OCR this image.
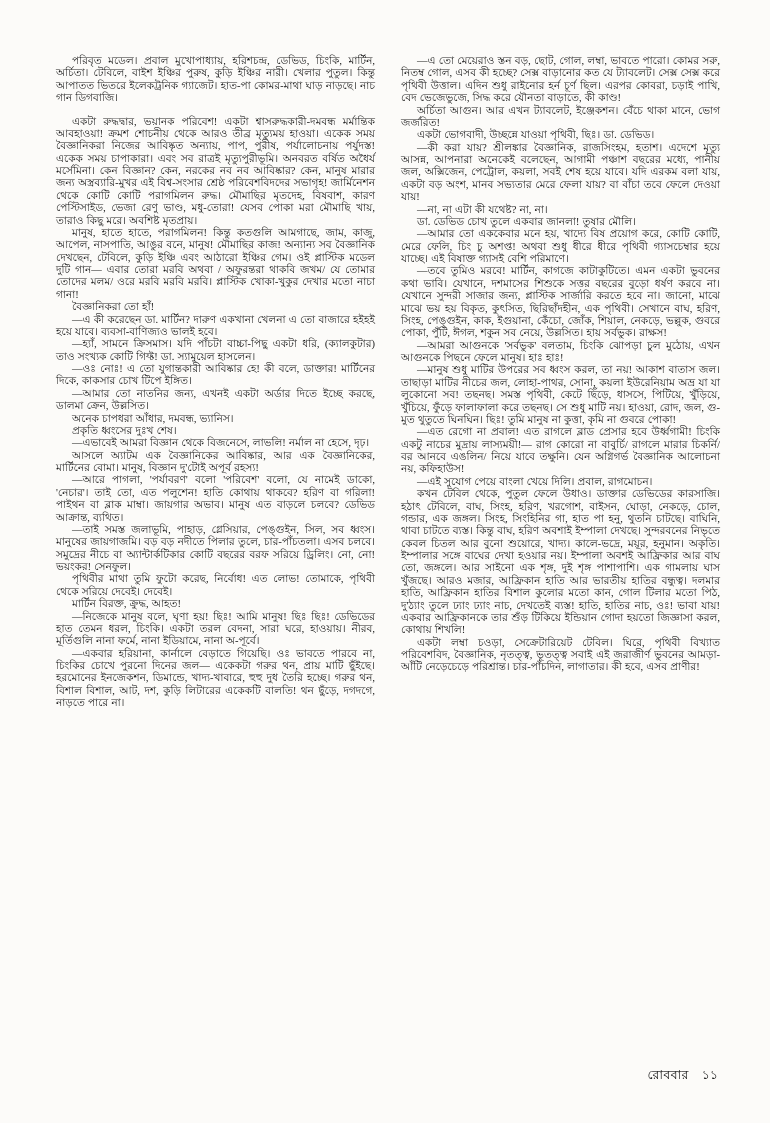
পরিবৃত মডেল। প্রবাল মুখোপাধ্যায়, হরিশচন্দ্র, ডেভিড, চিংকি, মার্টিন, অর্চিতা। টেবিলে, বাইশ ইঞ্চির পুরুষ, কুড়ি ইঞ্চির নারী। খেলার পুতুল। কিন্তু আপাতত ভিতরে ইলেকট্রনিক গ্যাজেট। হাত-পা কোমর-মাথা ঘাড় নাড়ছে। নাচ গান ডিগবাজি।

একটা রুদ্ধদ্বার, ভয়ানক পরিবেশ! একটা শ্বাসরুদ্ধকারী-দমবন্ধ মর্মান্তিক আবহাওয়া! ক্রমশ শোচনীয় থেকে আরও তীব্র মৃত্যুময় হাওয়া। একেক সময় বৈজ্ঞানিকরা নিজের আবিষ্কৃত অন্যায়, পাপ, পুরীষ, পর্যালোচনায় পর্যুদস্ত! একেক সময় চাপাকারা। এবং সব রাত্রই মৃত্যুপুরীভূমি। অনবরত বর্ষিত অধৈর্য মর্সেমিনা। কেন বিজ্ঞান? কেন, নরকের নব নব আবিষ্কার? কেন, মানুষ মারার জন্য অস্ত্রব্যারি-মুখর এই বিশ্ব-সংসার শ্রেষ্ঠ পরিবেশবিদদের সভাগৃহ! জার্মিনেশন থেকে কোটি কোটি পরাগমিলন রুদ্ধ। মৌমাছির মৃতদেহ, বিষবাশ, কারণ পেস্টিসাইড, ভেজা রেণু ভাণ্ড, মধু-তোরা! যেসব পোকা মরা মৌমাছি খায়, তারাও কিছু মরে। অবশিষ্ট মৃতপ্রায়।

মানুষ, হাতে হাতে, পরাগমিলন! কিন্তু কতগুলি আমগাছে, জাম, কাজু, আপেল, নাসপাতি, আঙুর বনে, মানুষ! মৌমাছির কাজ! অন্যান্য সব বৈজ্ঞানিক দেখছেন, টেবিলে, কুড়ি ইঞ্চি এবং আঠারো ইঞ্চির গেম। ওই প্লাস্টিক মডেল দুটি গান— এবার তোরা মরবি অথবা / অফুরন্তরা থাকবি জখম/ যে তোমার তোদের মলম/ ওরে মরবি মরবি মরবি। প্লাস্টিক খোকা-খুকুর দেখার মতো নাচা গানা!

বৈজ্ঞানিকরা তো হাঁ!

—এ কী করেছেন ডা. মার্টিন? দারুণ একখানা খেলনা এ তো বাজারে হইহই হয়ে যাবে। ব্যবসা-বাণিজ্যও ভালই হবে।

—হ্যাঁ, সামনে ক্রিসমাস। যদি পাঁচটা বাচ্চা-পিছু একটা ধরি, (ক্যালকুটার) তাও সংখ্যক কোটি গিফ্ট! ডা. স্যামুয়েল হাসলেন।

—ওঃ নোঃ! এ তো যুগান্তকারী আবিষ্কার হে! কী বলে, ডাক্তার! মার্টিনের দিকে, কাকসার চোখ টিপে ইঙ্গিত।

—আমার তো নাতনির জন্য, এখনই একটা অর্ডার দিতে ইচ্ছে করছে, ডালমা ক্রেন, উল্লসিত।

অনেক চাপধরা আঁধার, দমবন্ধ, ভ্যানিস।

প্রকৃতি ধ্বংসের দুঃখ শেষ।

—এভাবেই আমরা বিজ্ঞান থেকে বিজনেসে, লাভলি! নর্মাল না হেসে, দৃঢ়।

আসলে অ্যাটম এক বৈজ্ঞানিকের আবিষ্কার, আর এক বৈজ্ঞানিকের, মার্টিনের বোমা। মানুষ, বিজ্ঞান দু'টোই অপূর্ব রহস্য!

—আরে পাগলা, 'পর্যাবরণ' বলো 'পরিবেশ' বলো, যে নামেই ডাকো, 'নেচার'। তাই তো, এত পলুশেন! হাতি কোথায় থাকবে? হরিণ বা গরিলা! পাইথন বা ব্লাক মাম্বা। জায়গার অভাব। মানুষ এত বাড়লে চলবে? ডেভিড আক্রান্ত, ব্যথিত।

—তাই সমস্ত জলাভূমি, পাহাড়, গ্লেসিয়ার, পেঙ্গুইন, সিল, সব ধ্বংস। মানুষের জায়গাজমি। বড় বড় নদীতে পিলার তুলে, চার-পাঁচতলা। এসব চলবে। সমুদ্রের নীচে বা অ্যান্টার্কটিকার কোটি বছরের বরফ সরিয়ে ড্রিলিং। নো, নো! ভয়ংকর! সেনফুল।

পৃথিবীর মাথা তুমি ফুটো করেছ, নির্বোধ! এত লোভ! তোমাকে, পৃথিবী থেকে সরিয়ে দেবেই। দেবেই।

মার্টিন বিরক্ত, ক্রুদ্ধ, আহত!

—নিজেকে মানুষ বলে, ঘৃণা হয়! ছিঃ! আমি মানুষ! ছিঃ ছিঃ! ডেভিডের হাত তেমন ধরল, চিংকি। একটা তরল বেদনা, সারা ঘরে, হাওয়ায়। নীরব, মূর্তিগুলি নানা ফর্মে, নানা ইডিয়ামে, নানা অ-পূর্বে।

—একবার হরিয়ানা, কার্নালে বেড়াতে গিয়েছি। ওঃ ভাবতে পারবে না, চিংকির চোখে পুরনো দিনের জল— একেকটা গরুর থন, প্রায় মাটি ছুঁইছে। হরমোনের ইনজেকশন, ডিমান্ডে, খাদ্য-খাবারে, হুহু দুধ তৈরি হচ্ছে। গরুর থন, বিশাল বিশাল, আট, দশ, কুড়ি লিটারের একেকটি বালতি! থন ছুঁড়ে, দগদগে, নাড়তে পারে না।

—এ তো মেয়েরাও স্তন বড়, ছোট, গোল, লম্বা, ভাবতে পারো। কোমর সরু, নিতম্ব গোল, এসব কী হচ্ছে? সেক্স বাড়ানোর কত যে ট্যাবলেট। সেক্স সেক্স করে পৃথিবী উত্তাল। এদিন শুধু রাইনোর হর্ন চূর্ণ ছিল। এরপর কোবরা, চড়াই পাখি, বেদ ভেজেভুজে, সিদ্ধ করে যৌনতা বাড়াতে, কী কাণ্ড!

অর্চিতা আগুন। আর এখন ট্যাবলেট, ইঞ্জেকশন। বেঁচে থাকা মানে, ভোগ জর্জরিত!

একটা ভোগবাদী, উচ্ছন্নে যাওয়া পৃথিবী, ছিঃ। ডা. ডেভিড।

—কী করা যায়? শ্রীলঙ্কার বৈজ্ঞানিক, রাজসিংহম, হতাশ। এদেশে মৃত্যু আসন্ন, আপনারা অনেকেই বলেছেন, আগামী পঞ্চাশ বছরের মধ্যে, পানীয় জল, অক্সিজেন, পেট্রোল, কয়লা, সবই শেষ হয়ে যাবে। যদি এরকম বলা যায়, একটা বড় অংশ, মানব সভ্যতার মেরে ফেলা যায়? বা বাঁচা তবে ফেলে দেওয়া যায়!

—না, না এটা কী যথেষ্ট? না, না।

ডা. ডেভিড চোখ তুলে একবার জানলা! তুষার মৌলি।

—আমার তো এককেবার মনে হয়, খাদ্যে বিষ প্রয়োগ করে, কোটি কোটি, মেরে ফেলি, চিং চু অশপ্ত! অথবা শুধু ধীরে ধীরে পৃথিবী গ্যাসচেম্বার হয়ে যাচ্ছে। এই বিষাক্ত গ্যাসই বেশি পরিমাণে।

—তবে তুমিও মরবে! মার্টিন, কাগজে কাটাকুটিতে। এমন একটা ভুবনের কথা ভাবি। যেখানে, দশমাসের শিশুকে সত্তর বছরের বুড়ো ধর্ষণ করবে না। যেখানে সুন্দরী সাজার জন্য, প্লাস্টিক সার্জারি করতে হবে না। জানো, মাঝে মাঝে ভয় হয় বিকৃত, কুৎসিত, ছিরিছাঁদহীন, এক পৃথিবী। সেখানে বাঘ, হরিণ, সিংহ, পেঙ্গুইন, কাক, ইগুয়ানা, কেঁচো, জোঁক, শিয়াল, নেকড়ে, ভল্লুক, গুবরে পোকা, পুঁটি, ঈগল, শকুন সব নেয়ে, উল্লসিত। হায় সর্বভুক। রাক্ষস!

—আমরা আগুনকে 'সর্বভুক' বলতাম, চিংকি ঝোপড়া চুল মুঠোয়, এখন আগুনকে পিছনে ফেলে মানুষ। হাঃ হাঃ!

—মানুষ শুধু মাটির উপরের সব ধ্বংস করল, তা নয়! আকাশ বাতাস জল। তাছাড়া মাটির নীচের জল, লোহা-পাথর, সোনা, কয়লা ইউরেনিয়াম অভ্র যা যা লুকোনো সব! তছনছ। সমস্ত পৃথিবী, কেটে ছিঁড়ে, ধাসসে, পিটিয়ে, খুঁড়িয়ে, খুঁচিয়ে, ফুঁড়ে ফালাফালা করে তছনছ। সে শুধু মাটি নয়। হাওয়া, রোদ, জল, গু-মুত থুতুতে ঘিনঘিন। ছিঃ! তুমি মানুষ না কুত্তা, কৃমি না গুবরে পোকা!

—এত রেগো না প্রবাল! এত রাগলে ব্লাড প্রেসার হবে উর্ধ্বগামী! চিংকি একটু নাচের মুদ্রায় লাস্যময়ী!— রাগ কোরো না বাবুর্চি/ রাগলে মারার চিকর্নি/ বর আনবে এঙলিন/ নিয়ে যাবে তক্ষুনি। যেন অগ্নিগর্ভ বৈজ্ঞানিক আলোচনা নয়, কফিহাউস!

—এই সুযোগ পেয়ে বাংলা খেয়ে দিলি। প্রবাল, রাগমোচন।

কখন টেবিল থেকে, পুতুল ফেলে উধাও। ডাক্তার ডেভিডের কারসাজি। হঠাৎ টেবিলে, বাঘ, সিংহ, হরিণ, খরগোশ, বাইসন, ঘোড়া, নেকড়ে, চোল, গন্ডার, এক জঙ্গল। সিংহ, সিংহিনির গা, হাত পা হনু, থুতনি চাটছে। বাঘিনি, থাবা চাটতে ব্যস্ত। কিন্তু বাঘ, হরিণ অবশাই ইম্পালা দেখছে। সুন্দরবনের নিভৃতে কেবল চিতল আর বুনো শুয়োরে, খাদ্য। কালে-ভদ্রে, ময়ূর, হনুমান। অকৃতি। ইম্পালার সঙ্গে বাঘের দেখা হওয়ার নয়। ইম্পালা অবশই আফ্রিকার আর বাঘ তো, জঙ্গলে। আর সাইনো এক শৃঙ্গ, দুই শৃঙ্গ পাশাপাশি। এক গামলায় ঘাস খুঁজছে। আরও মজার, আফ্রিকান হাতি আর ভারতীয় হাতির বন্ধুত্ব। দলমার হাতি, আফ্রিকান হাতির বিশাল কুলোর মতো কান, গোল টিলার মতো পিঠ, দু'ঠ্যাং তুলে ঢ্যাং ঢ্যাং নাচ, দেখতেই ব্যস্ত! হাতি, হাতির নাচ, ওঃ! ভাবা যায়! একবার আফ্রিকানকে তার শুঁড় টিকিয়ে ইন্ডিয়ান গোদা হয়তো জিজ্ঞাসা করল, কোথায় শিখলি!

একটা লম্বা চওড়া, সেক্রেটারিয়েট টেবিল। ঘিরে, পৃথিবী বিখ্যাত পরিবেশবিদ, বৈজ্ঞানিক, নৃতত্ত্ব, ভূতত্ত্ব সবাই এই জরাজীর্ণ ভুবনের আমড়া-আঁটি নেড়েচেড়ে পরিশ্রান্ত। চার-পাঁচদিন, লাগাতার। কী হবে, এসব প্রাণীর!

রোববার ১১
